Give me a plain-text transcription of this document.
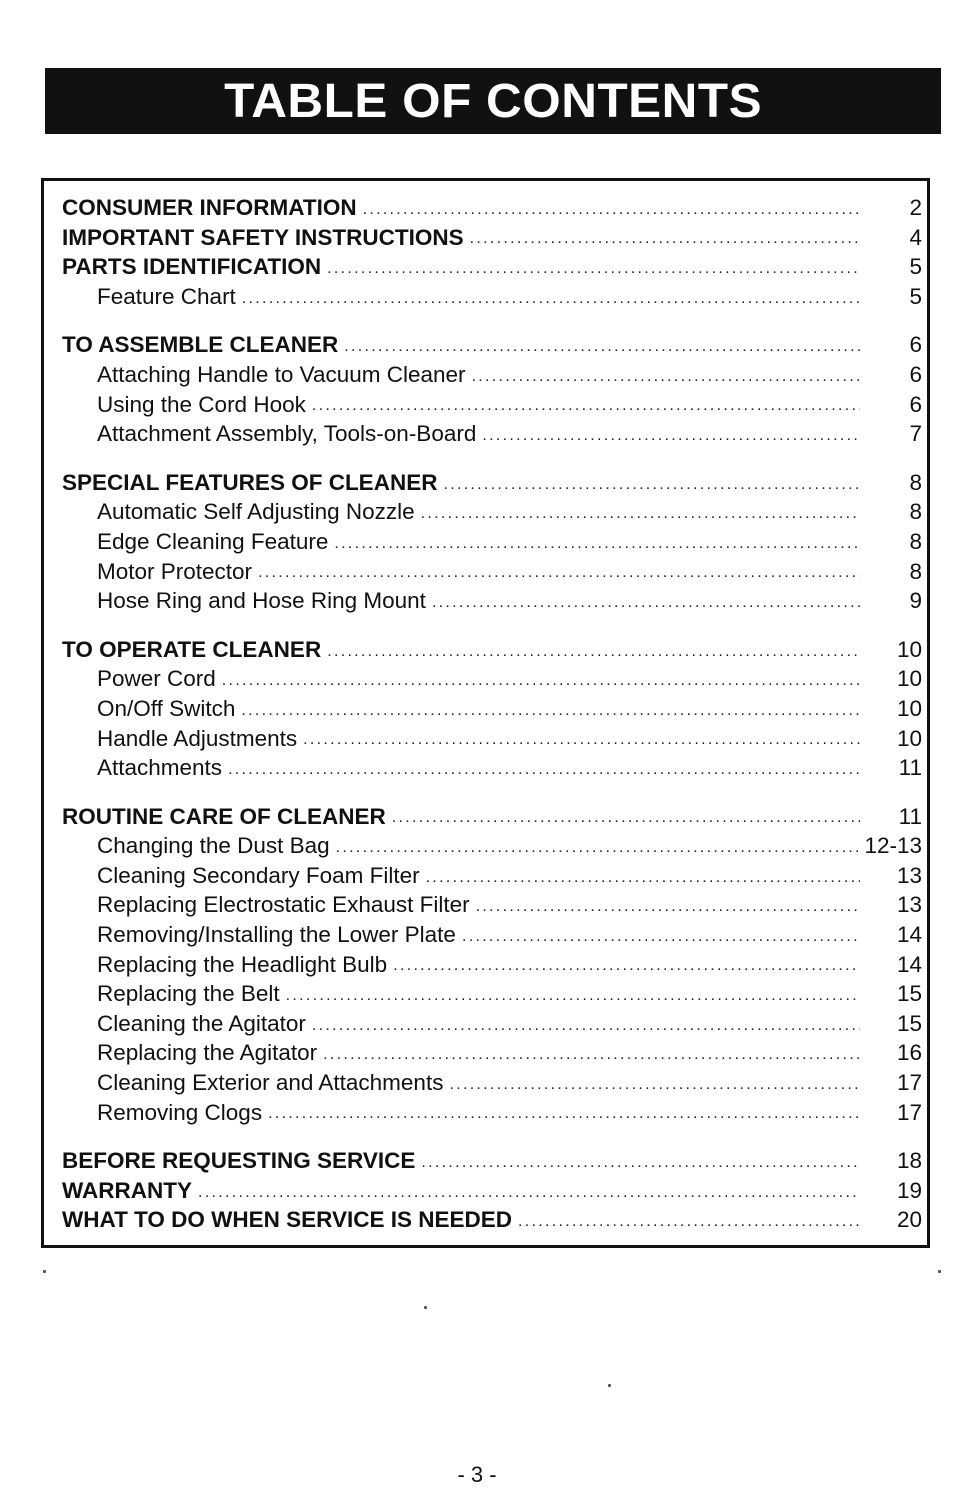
TABLE OF CONTENTS
CONSUMER INFORMATION .....	2
IMPORTANT SAFETY INSTRUCTIONS .....	4
PARTS IDENTIFICATION .....	5
Feature Chart .....	5
TO ASSEMBLE CLEANER .....	6
Attaching Handle to Vacuum Cleaner .....	6
Using the Cord Hook .....	6
Attachment Assembly, Tools-on-Board .....	7
SPECIAL FEATURES OF CLEANER .....	8
Automatic Self Adjusting Nozzle .....	8
Edge Cleaning Feature .....	8
Motor Protector .....	8
Hose Ring and Hose Ring Mount .....	9
TO OPERATE CLEANER .....	10
Power Cord .....	10
On/Off Switch .....	10
Handle Adjustments .....	10
Attachments .....	11
ROUTINE CARE OF CLEANER .....	11
Changing the Dust Bag .....	12-13
Cleaning Secondary Foam Filter .....	13
Replacing Electrostatic Exhaust Filter .....	13
Removing/Installing the Lower Plate .....	14
Replacing the Headlight Bulb .....	14
Replacing the Belt .....	15
Cleaning the Agitator .....	15
Replacing the Agitator .....	16
Cleaning Exterior and Attachments .....	17
Removing Clogs .....	17
BEFORE REQUESTING SERVICE .....	18
WARRANTY .....	19
WHAT TO DO WHEN SERVICE IS NEEDED .....	20
- 3 -
